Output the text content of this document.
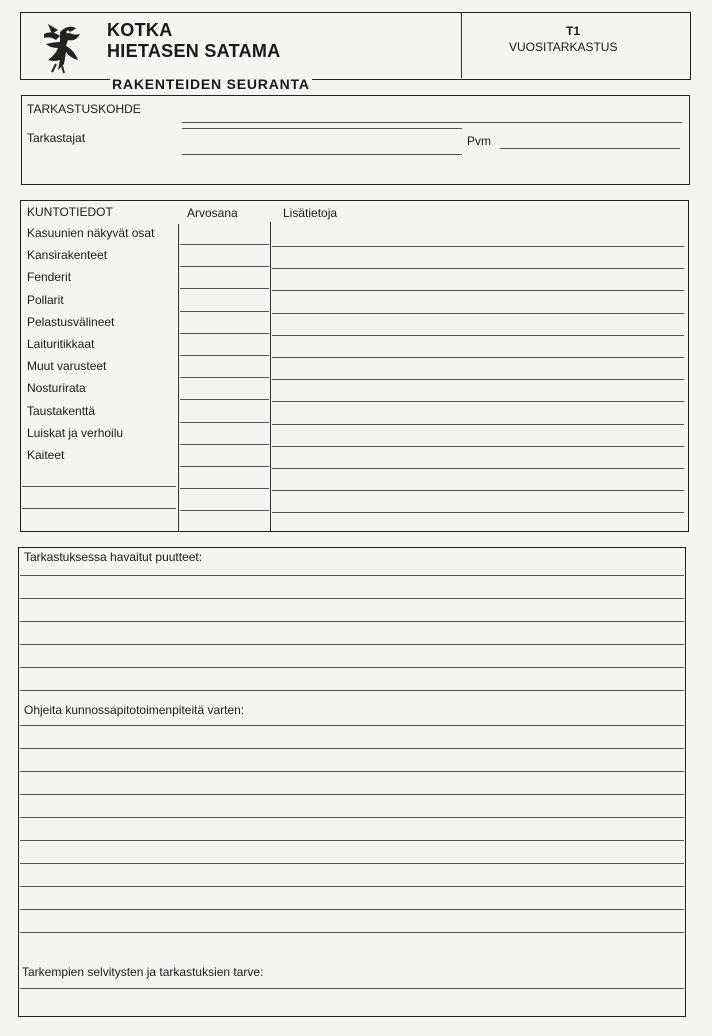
KOTKA
HIETASEN SATAMA
T1
VUOSITARKASTUS
RAKENTEIDEN SEURANTA
TARKASTUSKOHDE
Tarkastajat	Pvm
KUNTOTIEDOT	Arvosana	Lisätietoja
Kasuunien näkyvät osat
Kansirakenteet
Fenderit
Pollarit
Pelastusvälineet
Laituritikkaat
Muut varusteet
Nosturirata
Taustakenttä
Luiskat ja verhoilu
Kaiteet
Tarkastuksessa havaitut puutteet:
Ohjeita kunnossapitotoimenpiteitä varten:
Tarkempien selvitysten ja tarkastuksien tarve:
